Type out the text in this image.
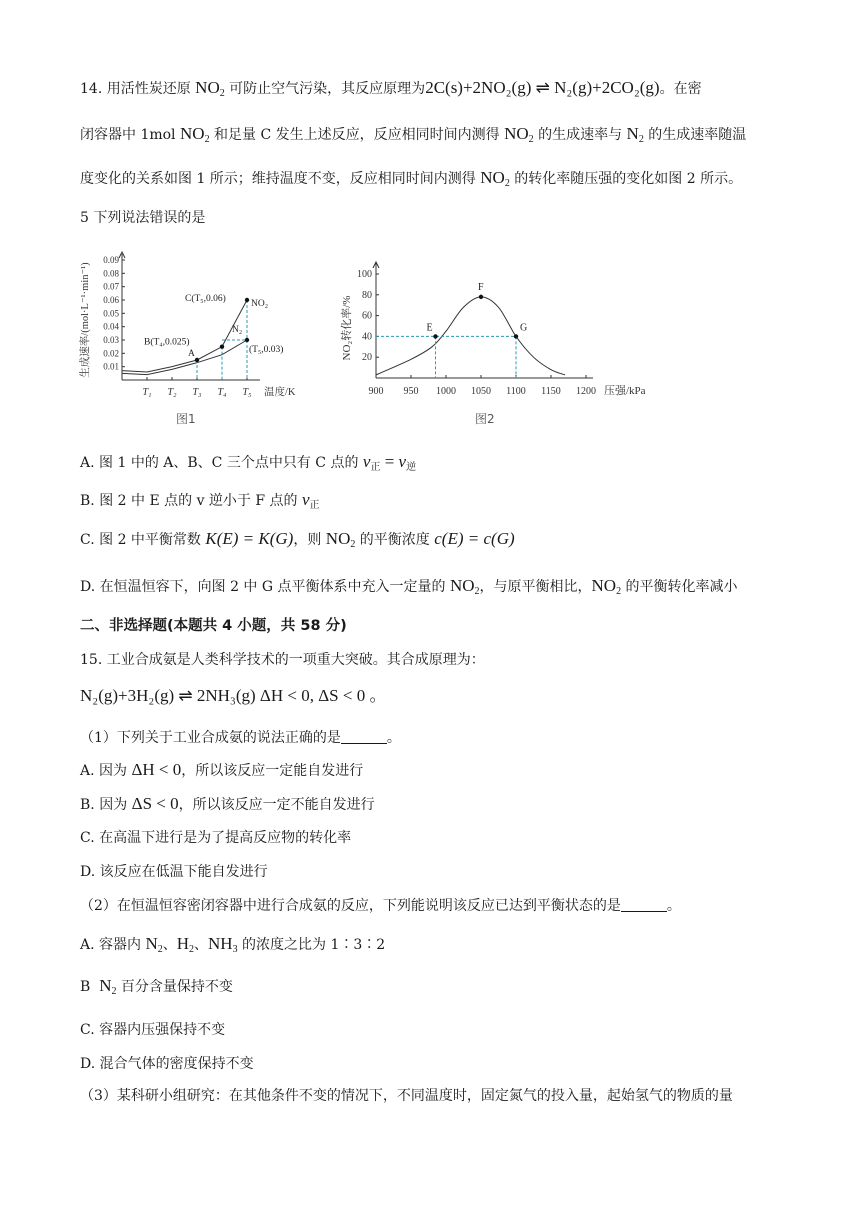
14. 用活性炭还原 $NO_2$ 可防止空气污染，其反应原理为2C(s)+2NO₂(g) ⇌ N₂(g)+2CO₂(g)。在密
闭容器中 1mol $NO_2$ 和足量 C 发生上述反应，反应相同时间内测得 $NO_2$ 的生成速率与 $N_2$ 的生成速率随温
度变化的关系如图 1 所示；维持温度不变，反应相同时间内测得 $NO_2$ 的转化率随压强的变化如图 2 所示。
5 下列说法错误的是
0.01
0.02
0.03
0.04
0.05
0.06
0.07
0.08
0.09
T₁ T₂ T₃ T₄ T₅ 温度/K
生成速率/(mol·L⁻¹·min⁻¹)	C(T₅,0.06)
B(T₄,0.025)
A	(T₅,0.03)
NO₂
N₂
图1
20
40
60
80
100
900 950 1000 1050 1100 1150 1200 压强/kPa
NO₂转化率/%	E
F
G
图2
A. 图 1 中的 A、B、C 三个点中只有 C 点的 $v_正 = v_逆$
B. 图 2 中 E 点的 v 逆小于 F 点的 $v_正$
C. 图 2 中平衡常数 K(E) = K(G)，则 $NO_2$ 的平衡浓度 c(E) = c(G)
D. 在恒温恒容下，向图 2 中 G 点平衡体系中充入一定量的 $NO_2$，与原平衡相比，$NO_2$ 的平衡转化率减小
二、非选择题(本题共 4 小题，共 58 分)
15. 工业合成氨是人类科学技术的一项重大突破。其合成原理为：
N₂(g)+3H₂(g) ⇌ 2NH₃(g) ΔH < 0, ΔS < 0 。
（1）下列关于工业合成氨的说法正确的是	。
A. 因为 ΔH < 0，所以该反应一定能自发进行
B. 因为 ΔS < 0，所以该反应一定不能自发进行
C. 在高温下进行是为了提高反应物的转化率
D. 该反应在低温下能自发进行
（2）在恒温恒容密闭容器中进行合成氨的反应，下列能说明该反应已达到平衡状态的是	。
A. 容器内 $N_2$、$H_2$、$NH_3$ 的浓度之比为 1∶3∶2
B $N_2$ 百分含量保持不变
C. 容器内压强保持不变
D. 混合气体的密度保持不变
（3）某科研小组研究：在其他条件不变的情况下，不同温度时，固定氮气的投入量，起始氢气的物质的量
